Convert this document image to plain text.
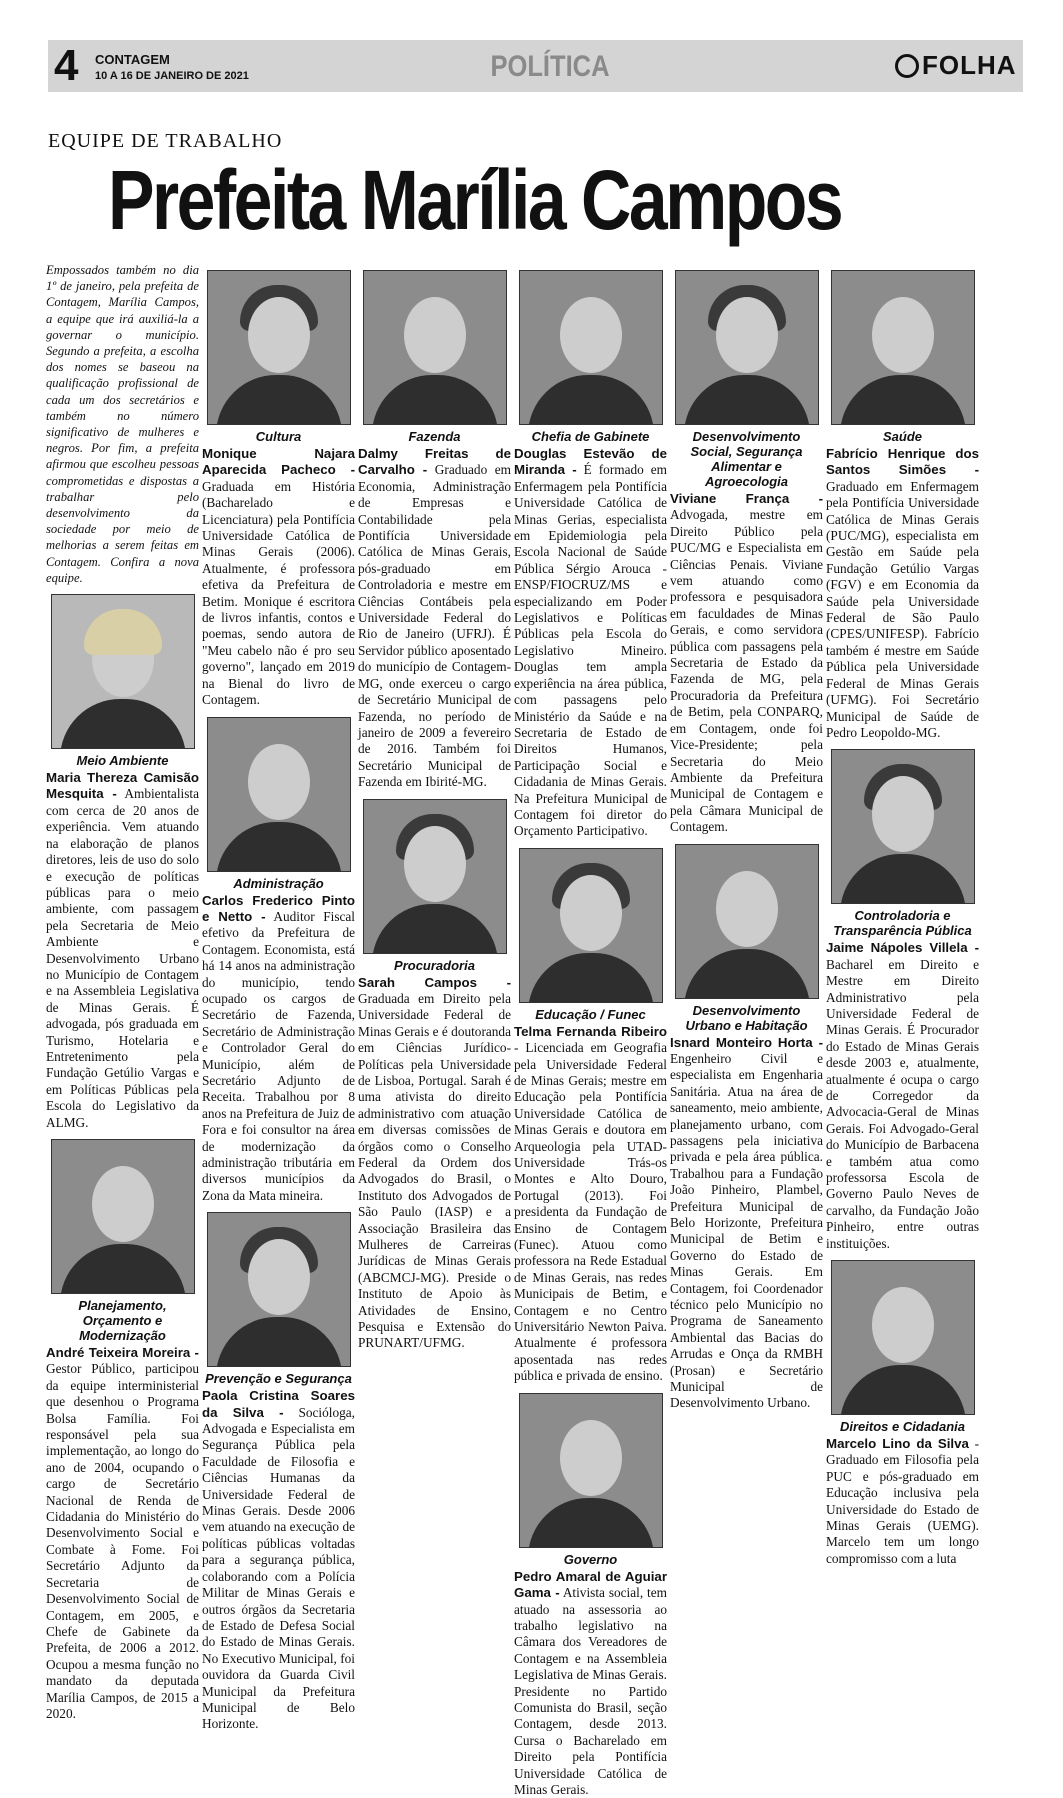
4 CONTAGEM
10 A 16 DE JANEIRO DE 2021	POLÍTICA	FOLHA
EQUIPE DE TRABALHO
Prefeita Marília Campos

Empossados também no dia 1º de janeiro, pela prefeita de Contagem, Marília Campos, a equipe que irá auxiliá-la a governar o município. Segundo a prefeita, a escolha dos nomes se baseou na qualificação profissional de cada um dos secretários e também no número significativo de mulheres e negros. Por fim, a prefeita afirmou que escolheu pessoas comprometidas e dispostas a trabalhar pelo desenvolvimento da sociedade por meio de melhorias a serem feitas em Contagem. Confira a nova equipe.

Meio Ambiente

Maria Thereza Camisão Mesquita - Ambientalista com cerca de 20 anos de experiência. Vem atuando na elaboração de planos diretores, leis de uso do solo e execução de políticas públicas para o meio ambiente, com passagem pela Secretaria de Meio Ambiente e Desenvolvimento Urbano no Município de Contagem e na Assembleia Legislativa de Minas Gerais. É advogada, pós graduada em Turismo, Hotelaria e Entretenimento pela Fundação Getúlio Vargas e em Políticas Públicas pela Escola do Legislativo da ALMG.

Planejamento, Orçamento e Modernização

André Teixeira Moreira - Gestor Público, participou da equipe interministerial que desenhou o Programa Bolsa Família. Foi responsável pela sua implementação, ao longo do ano de 2004, ocupando o cargo de Secretário Nacional de Renda de Cidadania do Ministério do Desenvolvimento Social e Combate à Fome. Foi Secretário Adjunto da Secretaria de Desenvolvimento Social de Contagem, em 2005, e Chefe de Gabinete da Prefeita, de 2006 a 2012. Ocupou a mesma função no mandato da deputada Marília Campos, de 2015 a 2020.

Cultura

Monique Najara Aparecida Pacheco - Graduada em História (Bacharelado e Licenciatura) pela Pontifícia Universidade Católica de Minas Gerais (2006). Atualmente, é professora efetiva da Prefeitura de Betim. Monique é escritora de livros infantis, contos e poemas, sendo autora de "Meu cabelo não é pro seu governo", lançado em 2019 na Bienal do livro de Contagem.

Administração

Carlos Frederico Pinto e Netto - Auditor Fiscal efetivo da Prefeitura de Contagem. Economista, está há 14 anos na administração do município, tendo ocupado os cargos de Secretário de Fazenda, Secretário de Administração e Controlador Geral do Município, além de Secretário Adjunto de Receita. Trabalhou por 8 anos na Prefeitura de Juiz de Fora e foi consultor na área de modernização da administração tributária em diversos municípios da Zona da Mata mineira.

Prevenção e Segurança

Paola Cristina Soares da Silva - Socióloga, Advogada e Especialista em Segurança Pública pela Faculdade de Filosofia e Ciências Humanas da Universidade Federal de Minas Gerais. Desde 2006 vem atuando na execução de políticas públicas voltadas para a segurança pública, colaborando com a Polícia Militar de Minas Gerais e outros órgãos da Secretaria de Estado de Defesa Social do Estado de Minas Gerais. No Executivo Municipal, foi ouvidora da Guarda Civil Municipal da Prefeitura Municipal de Belo Horizonte.

Fazenda

Dalmy Freitas de Carvalho - Graduado em Economia, Administração de Empresas e Contabilidade pela Pontifícia Universidade Católica de Minas Gerais, pós-graduado em Controladoria e mestre em Ciências Contábeis pela Universidade Federal do Rio de Janeiro (UFRJ). É Servidor público aposentado do município de Contagem-MG, onde exerceu o cargo de Secretário Municipal de Fazenda, no período de janeiro de 2009 a fevereiro de 2016. Também foi Secretário Municipal de Fazenda em Ibirité-MG.

Procuradoria

Sarah Campos - Graduada em Direito pela Universidade Federal de Minas Gerais e é doutoranda em Ciências Jurídico-Políticas pela Universidade de Lisboa, Portugal. Sarah é uma ativista do direito administrativo com atuação em diversas comissões de órgãos como o Conselho Federal da Ordem dos Advogados do Brasil, o Instituto dos Advogados de São Paulo (IASP) e a Associação Brasileira das Mulheres de Carreiras Jurídicas de Minas Gerais (ABCMCJ-MG). Preside o Instituto de Apoio às Atividades de Ensino, Pesquisa e Extensão do PRUNART/UFMG.

Chefia de Gabinete

Douglas Estevão de Miranda - É formado em Enfermagem pela Pontifícia Universidade Católica de Minas Gerias, especialista em Epidemiologia pela Escola Nacional de Saúde Pública Sérgio Arouca - ENSP/FIOCRUZ/MS e especializando em Poder Legislativos e Políticas Públicas pela Escola do Legislativo Mineiro. Douglas tem ampla experiência na área pública, com passagens pelo Ministério da Saúde e na Secretaria de Estado de Direitos Humanos, Participação Social e Cidadania de Minas Gerais. Na Prefeitura Municipal de Contagem foi diretor do Orçamento Participativo.

Educação / Funec

Telma Fernanda Ribeiro - Licenciada em Geografia pela Universidade Federal de Minas Gerais; mestre em Educação pela Pontifícia Universidade Católica de Minas Gerais e doutora em Arqueologia pela UTAD-Universidade Trás-os Montes e Alto Douro, Portugal (2013). Foi presidenta da Fundação de Ensino de Contagem (Funec). Atuou como professora na Rede Estadual de Minas Gerais, nas redes Municipais de Betim, e Contagem e no Centro Universitário Newton Paiva. Atualmente é professora aposentada nas redes pública e privada de ensino.

Governo

Pedro Amaral de Aguiar Gama - Ativista social, tem atuado na assessoria ao trabalho legislativo na Câmara dos Vereadores de Contagem e na Assembleia Legislativa de Minas Gerais. Presidente no Partido Comunista do Brasil, seção Contagem, desde 2013. Cursa o Bacharelado em Direito pela Pontifícia Universidade Católica de Minas Gerais.

Desenvolvimento Social, Segurança Alimentar e Agroecologia

Viviane França - Advogada, mestre em Direito Público pela PUC/MG e Especialista em Ciências Penais. Viviane vem atuando como professora e pesquisadora em faculdades de Minas Gerais, e como servidora pública com passagens pela Secretaria de Estado da Fazenda de MG, pela Procuradoria da Prefeitura de Betim, pela CONPARQ, em Contagem, onde foi Vice-Presidente; pela Secretaria do Meio Ambiente da Prefeitura Municipal de Contagem e pela Câmara Municipal de Contagem.

Desenvolvimento Urbano e Habitação

Isnard Monteiro Horta - Engenheiro Civil e especialista em Engenharia Sanitária. Atua na área de saneamento, meio ambiente, planejamento urbano, com passagens pela iniciativa privada e pela área pública. Trabalhou para a Fundação João Pinheiro, Plambel, Prefeitura Municipal de Belo Horizonte, Prefeitura Municipal de Betim e Governo do Estado de Minas Gerais. Em Contagem, foi Coordenador técnico pelo Município no Programa de Saneamento Ambiental das Bacias do Arrudas e Onça da RMBH (Prosan) e Secretário Municipal de Desenvolvimento Urbano.

Saúde

Fabrício Henrique dos Santos Simões - Graduado em Enfermagem pela Pontifícia Universidade Católica de Minas Gerais (PUC/MG), especialista em Gestão em Saúde pela Fundação Getúlio Vargas (FGV) e em Economia da Saúde pela Universidade Federal de São Paulo (CPES/UNIFESP). Fabrício também é mestre em Saúde Pública pela Universidade Federal de Minas Gerais (UFMG). Foi Secretário Municipal de Saúde de Pedro Leopoldo-MG.

Controladoria e Transparência Pública

Jaime Nápoles Villela - Bacharel em Direito e Mestre em Direito Administrativo pela Universidade Federal de Minas Gerais. É Procurador do Estado de Minas Gerais desde 2003 e, atualmente, atualmente é ocupa o cargo de Corregedor da Advocacia-Geral de Minas Gerais. Foi Advogado-Geral do Município de Barbacena e também atua como professorsa Escola de Governo Paulo Neves de carvalho, da Fundação João Pinheiro, entre outras instituições.

Direitos e Cidadania

Marcelo Lino da Silva - Graduado em Filosofia pela PUC e pós-graduado em Educação inclusiva pela Universidade do Estado de Minas Gerais (UEMG). Marcelo tem um longo compromisso com a luta
